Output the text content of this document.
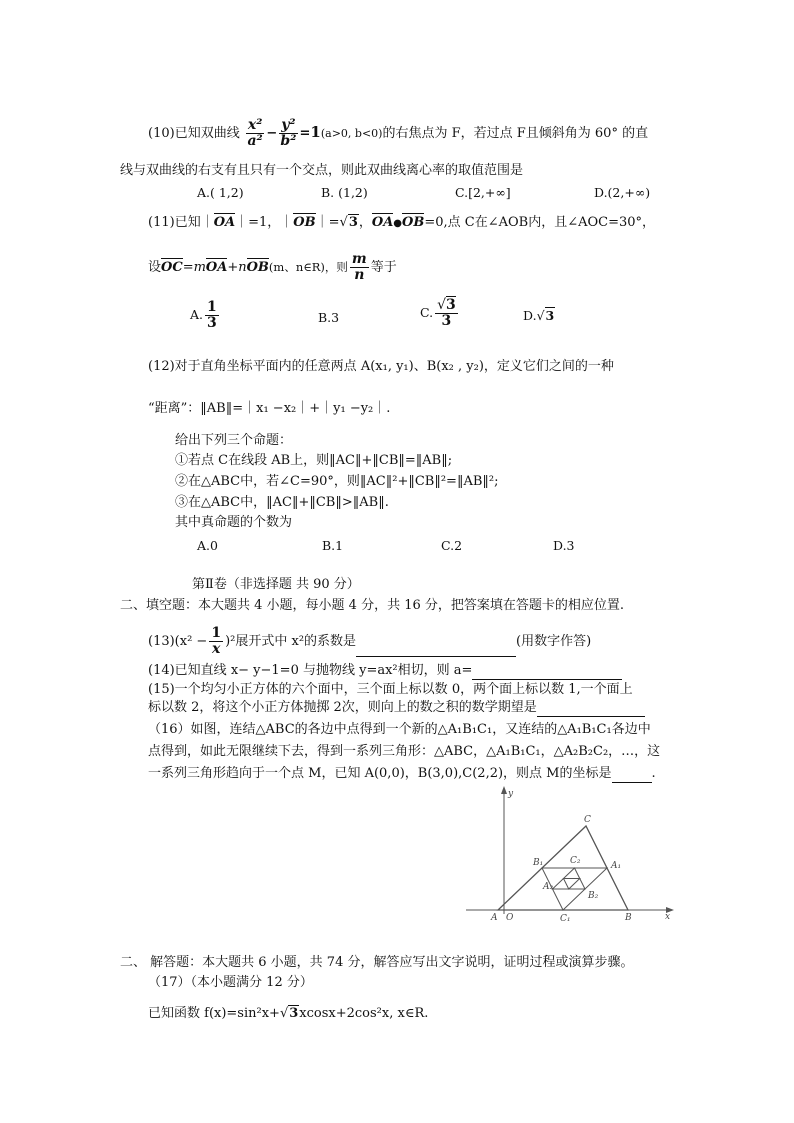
(10)已知双曲线 $\frac{\text{x²}}{\text{a²}} - \frac{\text{y²}}{\text{b²}} =1(a>0$, b<0)的右焦点为 F，若过点 F且倾斜角为 60° 的直
线与双曲线的右支有且只有一个交点，则此双曲线离心率的取值范围是
A.( 1,2)	B. (1,2)	C.[2,+∞]	D.(2,+∞)
(11)已知｜OA｜=1，｜OB｜=√3，OA●OB=0,点 C在∠AOB内，且∠AOC=30°，
设OC=mOA+nOB(m、n∈R)，则 $\frac{m}{n}$ 等于
A. $\frac{1}{3}$	B.3	C. $\frac{√3}{3}$	D.√3
(12)对于直角坐标平面内的任意两点 A(x₁, y₁)、B(x₂ , y₂)，定义它们之间的一种
“距离”：‖AB‖=｜x₁ −x₂｜+｜y₁ −y₂｜.
给出下列三个命题：
①若点 C在线段 AB上，则‖AC‖+‖CB‖=‖AB‖;
②在△ABC中，若∠C=90°，则‖AC‖²+‖CB‖²=‖AB‖²;
③在△ABC中，‖AC‖+‖CB‖>‖AB‖.
其中真命题的个数为
A.0	B.1	C.2	D.3
第Ⅱ卷（非选择题 共 90 分）
二、填空题：本大题共 4 小题，每小题 4 分，共 16 分，把答案填在答题卡的相应位置.
$(13)(x^2 - \frac{1}{x} )^2$展开式中 x²的系数是	(用数字作答)
(14)已知直线 x− y−1=0 与抛物线 y=ax²相切，则 a=
(15)一个均匀小正方体的六个面中，三个面上标以数 0，两个面上标以数 1,一个面上
标以数 2，将这个小正方体抛掷 2次，则向上的数之积的数学期望是
（16）如图，连结△ABC的各边中点得到一个新的△A₁B₁C₁，又连结的△A₁B₁C₁各边中
点得到，如此无限继续下去，得到一系列三角形：△ABC，△A₁B₁C₁，△A₂B₂C₂，…，这
一系列三角形趋向于一个点 M，已知 A(0,0)，B(3,0),C(2,2)，则点 M的坐标是	.
y
x
O
A	B
C
A₁
B₁
C₁
A₂
B₂
C₂
二、 解答题：本大题共 6 小题，共 74 分，解答应写出文字说明，证明过程或演算步骤。
（17）（本小题满分 12 分）
已知函数 f(x)=sin²x+√3xcosx+2cos²x, x∈R.
